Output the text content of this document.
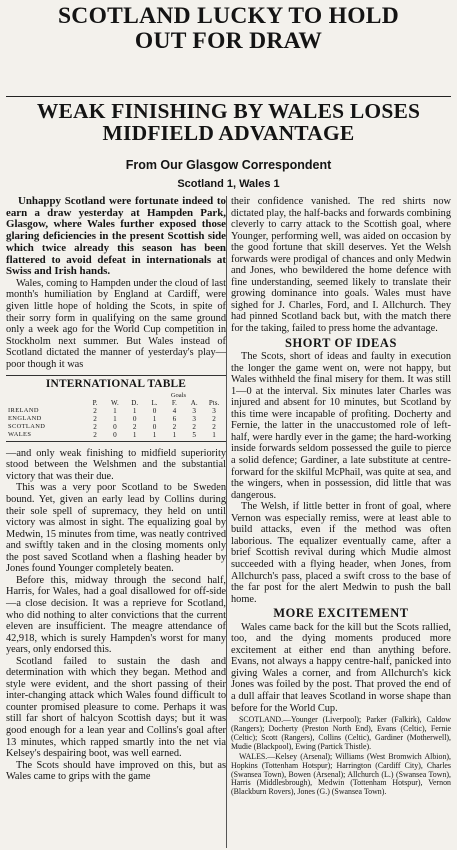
SCOTLAND LUCKY TO HOLD
OUT FOR DRAW
WEAK FINISHING BY WALES LOSES
MIDFIELD ADVANTAGE
From Our Glasgow Correspondent
Scotland 1, Wales 1

Unhappy Scotland were fortunate indeed to earn a draw yesterday at Hampden Park, Glasgow, where Wales further exposed those glaring deficiencies in the present Scottish side which twice already this season has been flattered to avoid defeat in internationals at Swiss and Irish hands.

Wales, coming to Hampden under the cloud of last month's humiliation by England at Cardiff, were given little hope of holding the Scots, in spite of their sorry form in qualifying on the same ground only a week ago for the World Cup competition in Stockholm next summer. But Wales instead of Scotland dictated the manner of yesterday's play—poor though it was

INTERNATIONAL TABLE
Goals
	P.	W.	D.	L.	F.	A.	Pts.
IRELAND	2	1	1	0	4	3	3
ENGLAND	2	1	0	1	6	3	2
SCOTLAND	2	0	2	0	2	2	2
WALES	2	0	1	1	1	5	1

—and only weak finishing to midfield superiority stood between the Welshmen and the substantial victory that was their due.

This was a very poor Scotland to be Sweden bound. Yet, given an early lead by Collins during their sole spell of supremacy, they held on until victory was almost in sight. The equalizing goal by Medwin, 15 minutes from time, was neatly contrived and swiftly taken and in the closing moments only the post saved Scotland when a flashing header by Jones found Younger completely beaten.

Before this, midway through the second half, Harris, for Wales, had a goal disallowed for off-side—a close decision. It was a reprieve for Scotland, who did nothing to alter convictions that the current eleven are insufficient. The meagre attendance of 42,918, which is surely Hampden's worst for many years, only endorsed this.

Scotland failed to sustain the dash and determination with which they began. Method and style were evident, and the short passing of their inter-changing attack which Wales found difficult to counter promised pleasure to come. Perhaps it was still far short of halcyon Scottish days; but it was good enough for a lean year and Collins's goal after 13 minutes, which rapped smartly into the net via Kelsey's despairing boot, was well earned.

The Scots should have improved on this, but as Wales came to grips with the game

their confidence vanished. The red shirts now dictated play, the half-backs and forwards combining cleverly to carry attack to the Scottish goal, where Younger, performing well, was aided on occasion by the good fortune that skill deserves. Yet the Welsh forwards were prodigal of chances and only Medwin and Jones, who bewildered the home defence with fine understanding, seemed likely to translate their growing dominance into goals. Wales must have sighed for J. Charles, Ford, and I. Allchurch. They had pinned Scotland back but, with the match there for the taking, failed to press home the advantage.

SHORT OF IDEAS

The Scots, short of ideas and faulty in execution the longer the game went on, were not happy, but Wales withheld the final misery for them. It was still 1—0 at the interval. Six minutes later Charles was injured and absent for 10 minutes, but Scotland by this time were incapable of profiting. Docherty and Fernie, the latter in the unaccustomed role of left-half, were hardly ever in the game; the hard-working inside forwards seldom possessed the guile to pierce a solid defence; Gardiner, a late substitute at centre-forward for the skilful McPhail, was quite at sea, and the wingers, when in possession, did little that was dangerous.

The Welsh, if little better in front of goal, where Vernon was especially remiss, were at least able to build attacks, even if the method was often laborious. The equalizer eventually came, after a brief Scottish revival during which Mudie almost succeeded with a flying header, when Jones, from Allchurch's pass, placed a swift cross to the base of the far post for the alert Medwin to push the ball home.

MORE EXCITEMENT

Wales came back for the kill but the Scots rallied, too, and the dying moments produced more excitement at either end than anything before. Evans, not always a happy centre-half, panicked into giving Wales a corner, and from Allchurch's kick Jones was foiled by the post. That proved the end of a dull affair that leaves Scotland in worse shape than before for the World Cup.

SCOTLAND.—Younger (Liverpool); Parker (Falkirk), Caldow (Rangers); Docherty (Preston North End), Evans (Celtic), Fernie (Celtic); Scott (Rangers), Collins (Celtic), Gardiner (Motherwell), Mudie (Blackpool), Ewing (Partick Thistle).

WALES.—Kelsey (Arsenal); Williams (West Bromwich Albion), Hopkins (Tottenham Hotspur); Harrington (Cardiff City), Charles (Swansea Town), Bowen (Arsenal); Allchurch (L.) (Swansea Town), Harris (Middlesbrough), Medwin (Tottenham Hotspur), Vernon (Blackburn Rovers), Jones (G.) (Swansea Town).
